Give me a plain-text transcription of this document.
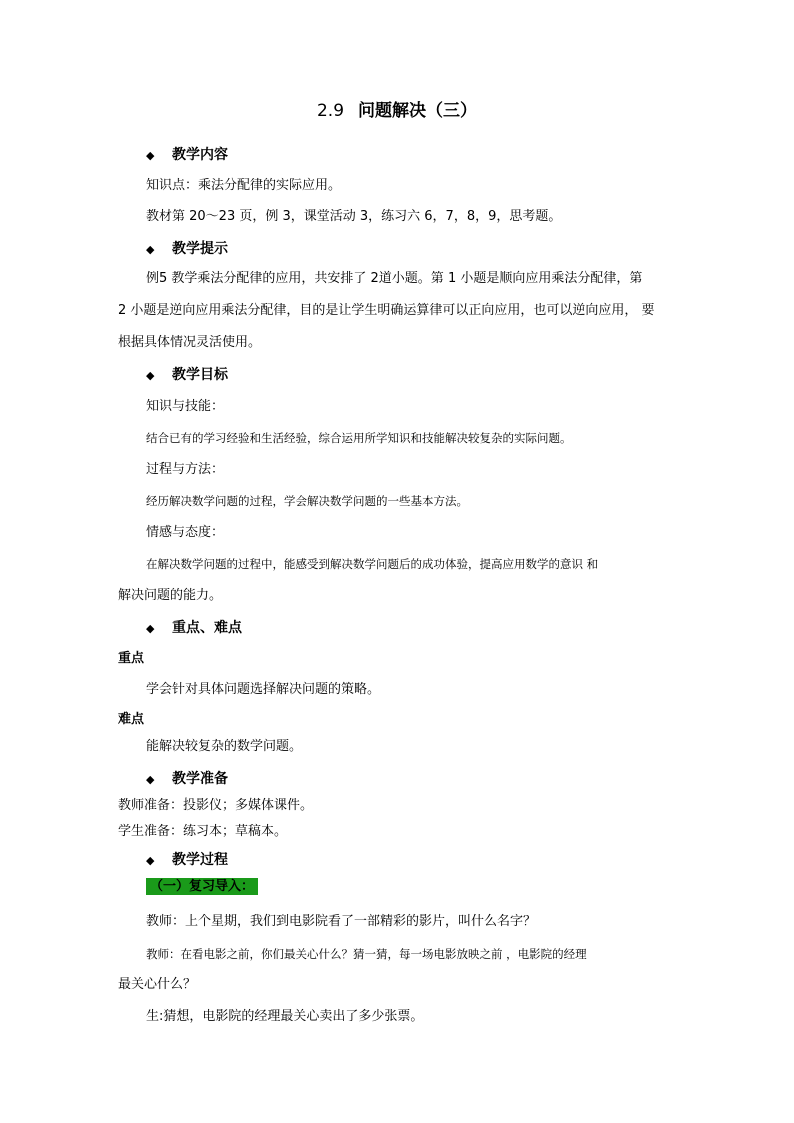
2.9 问题解决（三）
◆ 教学内容
知识点：乘法分配律的实际应用。
教材第 20～23 页，例 3，课堂活动 3，练习六 6，7，8，9，思考题。
◆ 教学提示
例5 教学乘法分配律的应用，共安排了 2道小题。第 1 小题是顺向应用乘法分配律，第
2 小题是逆向应用乘法分配律，目的是让学生明确运算律可以正向应用，也可以逆向应用， 要
根据具体情况灵活使用。
◆ 教学目标
知识与技能：
结合已有的学习经验和生活经验，综合运用所学知识和技能解决较复杂的实际问题。
过程与方法：
经历解决数学问题的过程，学会解决数学问题的一些基本方法。
情感与态度：
在解决数学问题的过程中，能感受到解决数学问题后的成功体验，提高应用数学的意识 和
解决问题的能力。
◆ 重点、难点
重点
学会针对具体问题选择解决问题的策略。
难点
能解决较复杂的数学问题。
◆ 教学准备
教师准备：投影仪；多媒体课件。
学生准备：练习本；草稿本。
◆ 教学过程
（一）复习导入：
教师：上个星期，我们到电影院看了一部精彩的影片，叫什么名字？
教师：在看电影之前，你们最关心什么？猜一猜，每一场电影放映之前 ，电影院的经理
最关心什么？
生:猜想，电影院的经理最关心卖出了多少张票。
